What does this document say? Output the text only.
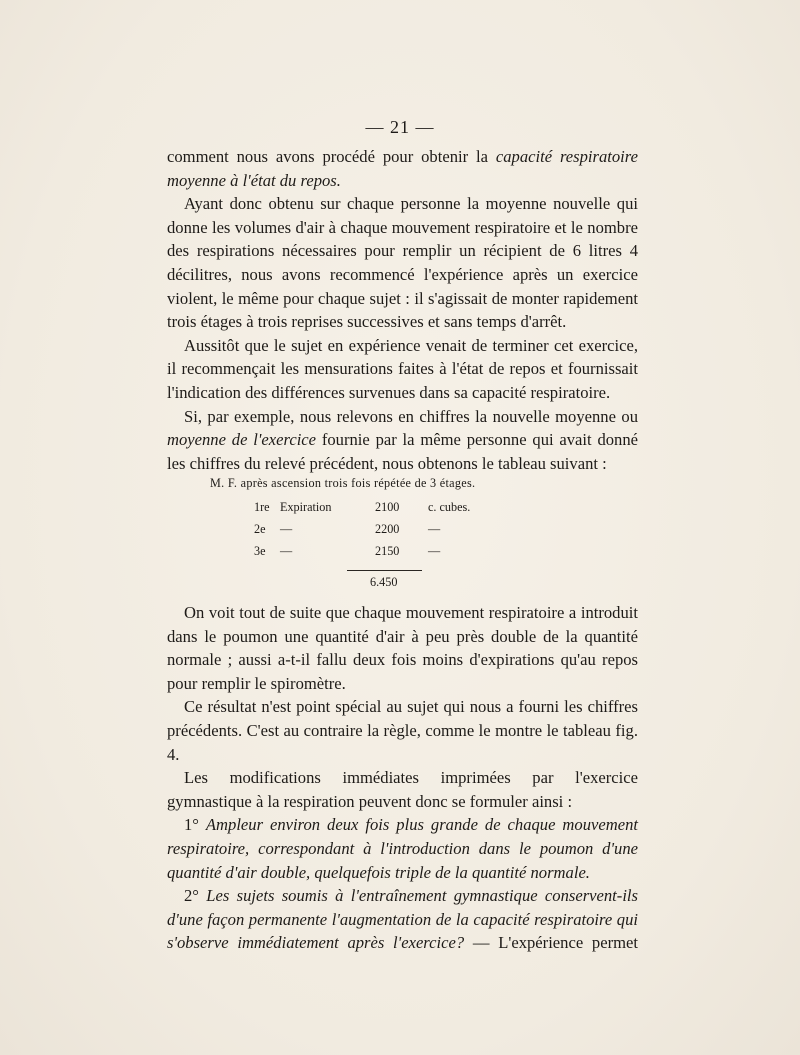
— 21 —

comment nous avons procédé pour obtenir la capacité respiratoire moyenne à l'état du repos.

Ayant donc obtenu sur chaque personne la moyenne nouvelle qui donne les volumes d'air à chaque mouvement respiratoire et le nombre des respirations nécessaires pour remplir un récipient de 6 litres 4 décilitres, nous avons recommencé l'expérience après un exercice violent, le même pour chaque sujet : il s'agissait de monter rapidement trois étages à trois reprises successives et sans temps d'arrêt.

Aussitôt que le sujet en expérience venait de terminer cet exercice, il recommençait les mensurations faites à l'état de repos et fournissait l'indication des différences survenues dans sa capacité respiratoire.

Si, par exemple, nous relevons en chiffres la nouvelle moyenne ou moyenne de l'exercice fournie par la même personne qui avait donné les chiffres du relevé précédent, nous obtenons le tableau suivant :

M. F. après ascension trois fois répétée de 3 étages.
1re Expiration	2100 c. cubes.
2e —	2200 —
3e —	2150 —
6.450

On voit tout de suite que chaque mouvement respiratoire a introduit dans le poumon une quantité d'air à peu près double de la quantité normale ; aussi a-t-il fallu deux fois moins d'expirations qu'au repos pour remplir le spiromètre.

Ce résultat n'est point spécial au sujet qui nous a fourni les chiffres précédents. C'est au contraire la règle, comme le montre le tableau fig. 4.

Les modifications immédiates imprimées par l'exercice gymnastique à la respiration peuvent donc se formuler ainsi :

1° Ampleur environ deux fois plus grande de chaque mouvement respiratoire, correspondant à l'introduction dans le poumon d'une quantité d'air double, quelquefois triple de la quantité normale.

2° Les sujets soumis à l'entraînement gymnastique conservent-ils d'une façon permanente l'augmentation de la capacité respiratoire qui s'observe immédiatement après l'exercice? — L'expérience permet
